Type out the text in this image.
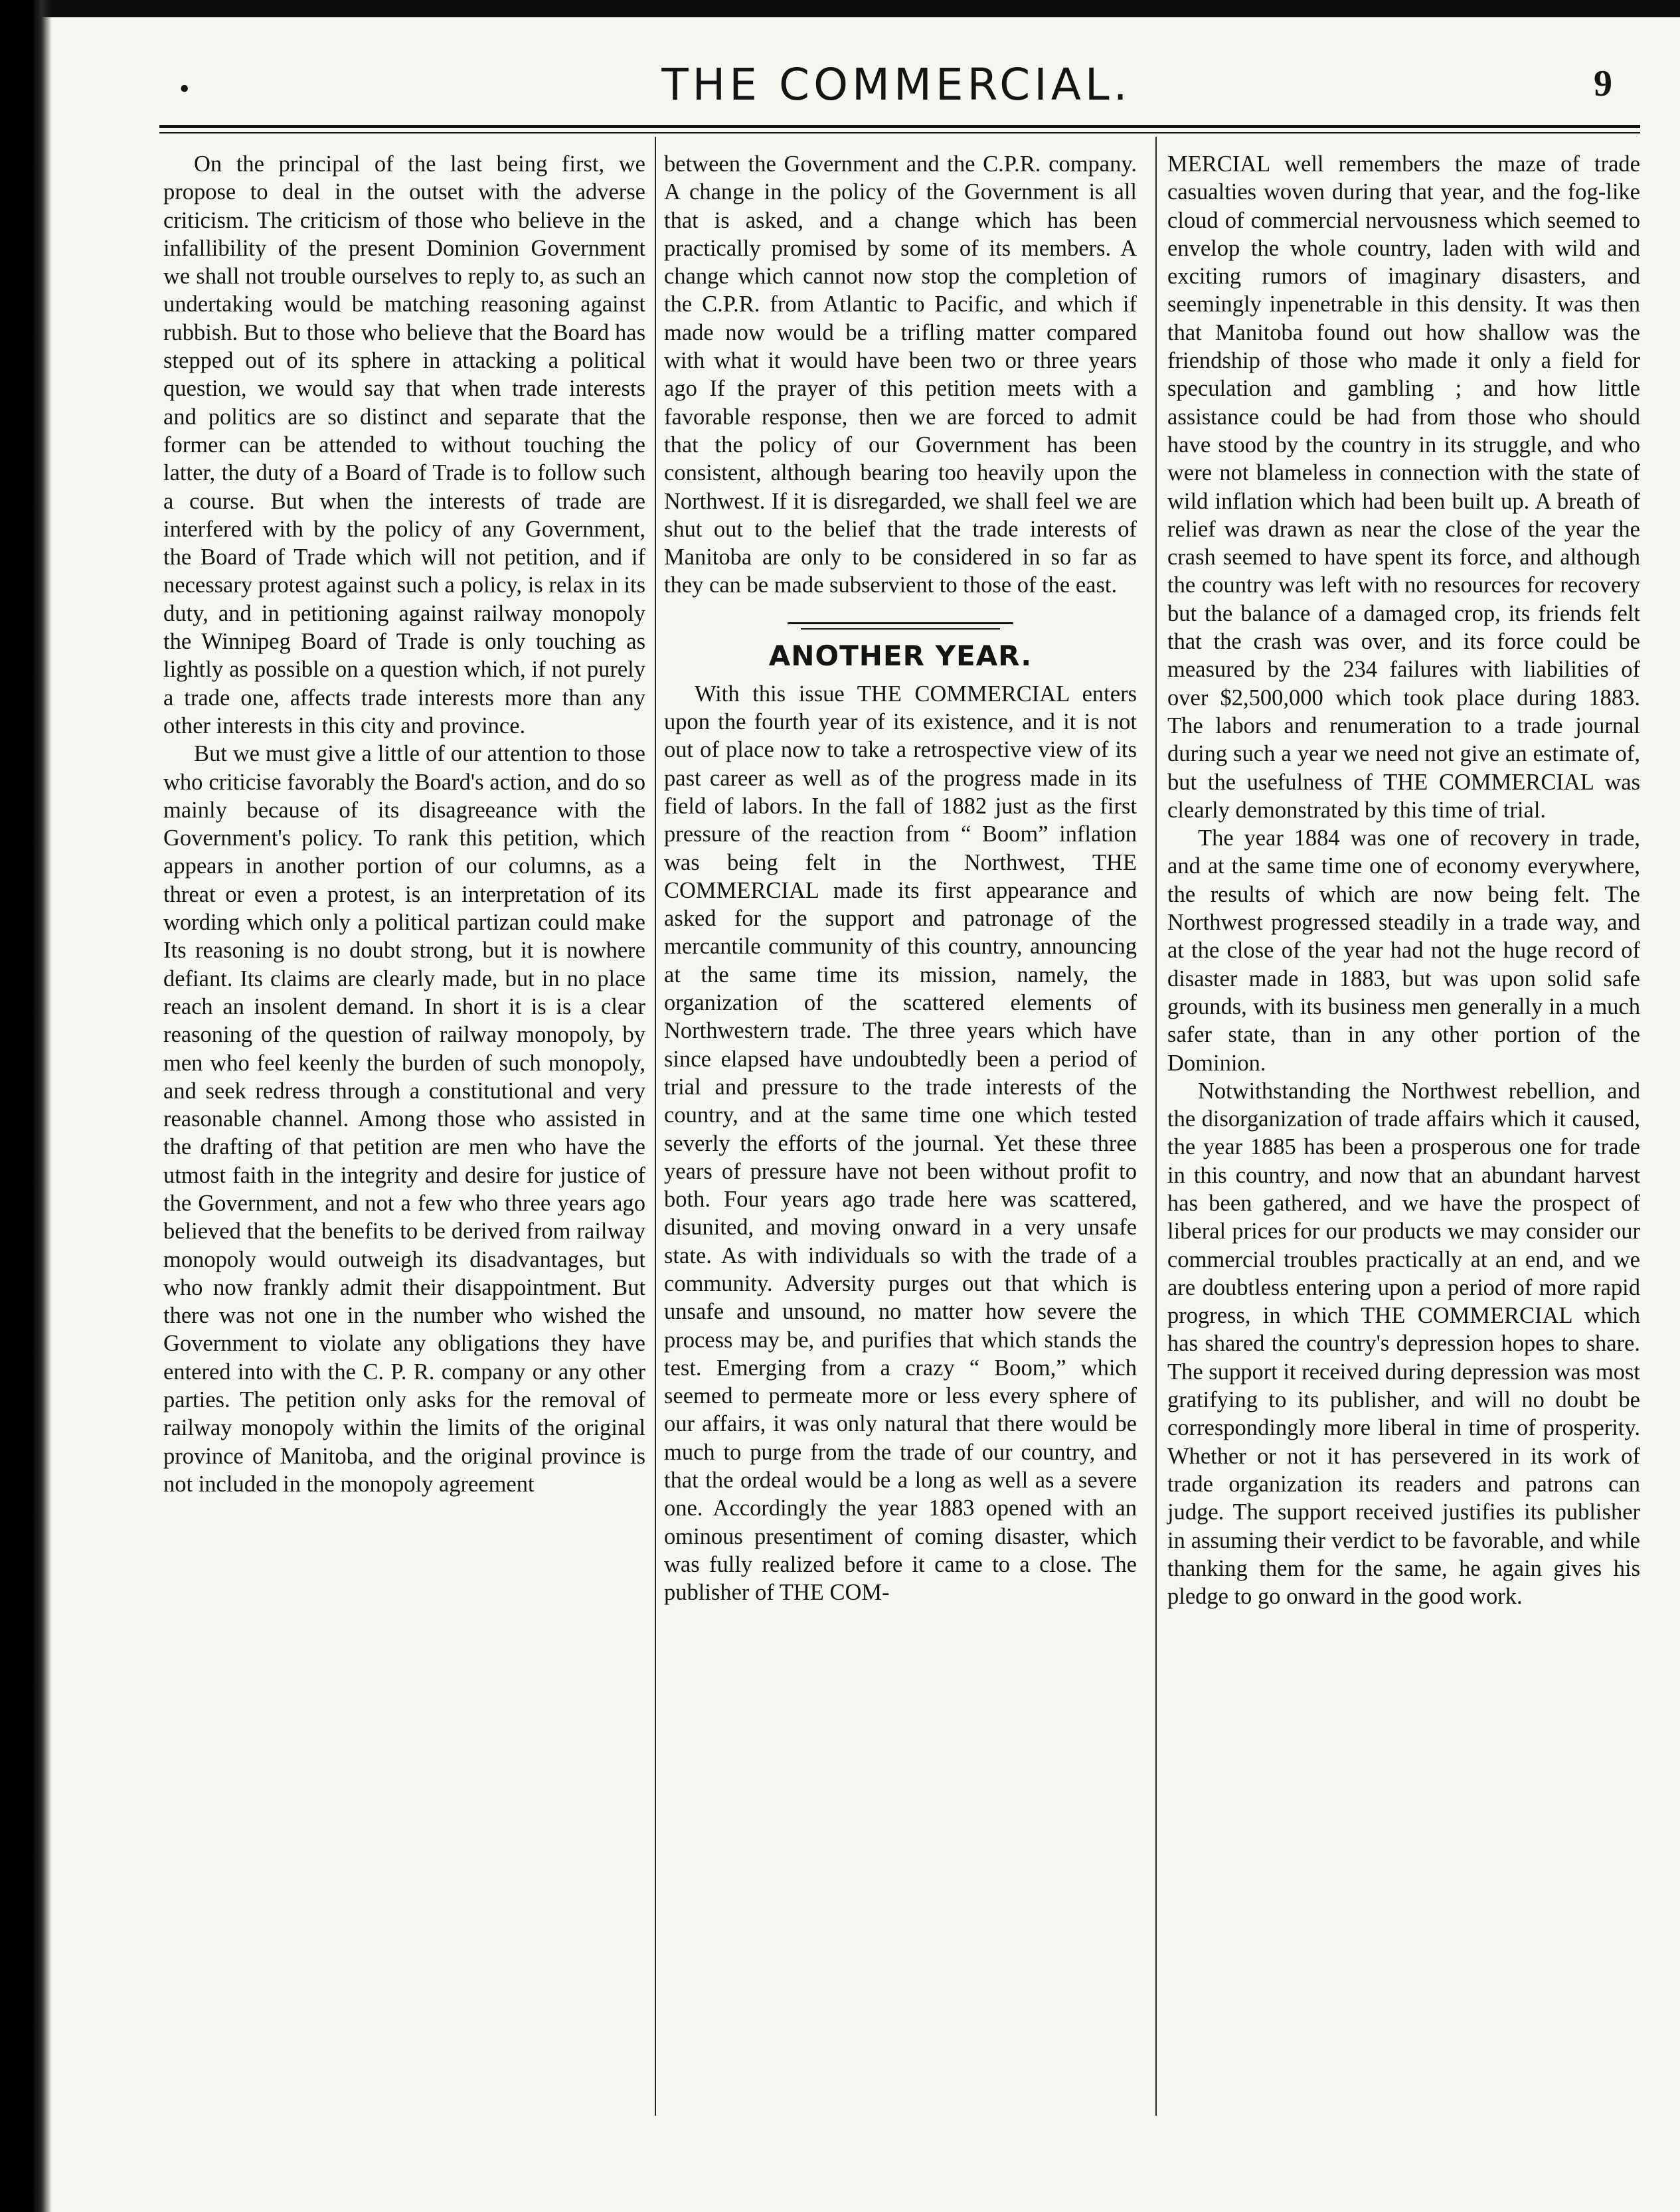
•	THE COMMERCIAL.	9

On the principal of the last being first, we propose to deal in the outset with the adverse criticism. The criticism of those who believe in the infallibility of the present Dominion Government we shall not trouble ourselves to reply to, as such an undertaking would be matching reasoning against rubbish. But to those who believe that the Board has stepped out of its sphere in attacking a political question, we would say that when trade interests and politics are so distinct and separate that the former can be attended to without touching the latter, the duty of a Board of Trade is to follow such a course. But when the interests of trade are interfered with by the policy of any Government, the Board of Trade which will not petition, and if necessary protest against such a policy, is relax in its duty, and in petitioning against railway monopoly the Winnipeg Board of Trade is only touching as lightly as possible on a question which, if not purely a trade one, affects trade interests more than any other interests in this city and province.

But we must give a little of our attention to those who criticise favorably the Board's action, and do so mainly because of its disagreeance with the Government's policy. To rank this petition, which appears in another portion of our columns, as a threat or even a protest, is an interpretation of its wording which only a political partizan could make Its reasoning is no doubt strong, but it is nowhere defiant. Its claims are clearly made, but in no place reach an insolent demand. In short it is is a clear reasoning of the question of railway monopoly, by men who feel keenly the burden of such monopoly, and seek redress through a constitutional and very reasonable channel. Among those who assisted in the drafting of that petition are men who have the utmost faith in the integrity and desire for justice of the Government, and not a few who three years ago believed that the benefits to be derived from railway monopoly would outweigh its disadvantages, but who now frankly admit their disappointment. But there was not one in the number who wished the Government to violate any obligations they have entered into with the C. P. R. company or any other parties. The petition only asks for the removal of railway monopoly within the limits of the original province of Manitoba, and the original province is not included in the monopoly agreement

between the Government and the C.P.R. company. A change in the policy of the Government is all that is asked, and a change which has been practically promised by some of its members. A change which cannot now stop the completion of the C.P.R. from Atlantic to Pacific, and which if made now would be a trifling matter compared with what it would have been two or three years ago If the prayer of this petition meets with a favorable response, then we are forced to admit that the policy of our Government has been consistent, although bearing too heavily upon the Northwest. If it is disregarded, we shall feel we are shut out to the belief that the trade interests of Manitoba are only to be considered in so far as they can be made subservient to those of the east.

ANOTHER YEAR.

With this issue THE COMMERCIAL enters upon the fourth year of its existence, and it is not out of place now to take a retrospective view of its past career as well as of the progress made in its field of labors. In the fall of 1882 just as the first pressure of the reaction from “ Boom” inflation was being felt in the Northwest, THE COMMERCIAL made its first appearance and asked for the support and patronage of the mercantile community of this country, announcing at the same time its mission, namely, the organization of the scattered elements of Northwestern trade. The three years which have since elapsed have undoubtedly been a period of trial and pressure to the trade interests of the country, and at the same time one which tested severly the efforts of the journal. Yet these three years of pressure have not been without profit to both. Four years ago trade here was scattered, disunited, and moving onward in a very unsafe state. As with individuals so with the trade of a community. Adversity purges out that which is unsafe and unsound, no matter how severe the process may be, and purifies that which stands the test. Emerging from a crazy “ Boom,” which seemed to permeate more or less every sphere of our affairs, it was only natural that there would be much to purge from the trade of our country, and that the ordeal would be a long as well as a severe one. Accordingly the year 1883 opened with an ominous presentiment of coming disaster, which was fully realized before it came to a close. The publisher of THE COM-

MERCIAL well remembers the maze of trade casualties woven during that year, and the fog-like cloud of commercial nervousness which seemed to envelop the whole country, laden with wild and exciting rumors of imaginary disasters, and seemingly inpenetrable in this density. It was then that Manitoba found out how shallow was the friendship of those who made it only a field for speculation and gambling ; and how little assistance could be had from those who should have stood by the country in its struggle, and who were not blameless in connection with the state of wild inflation which had been built up. A breath of relief was drawn as near the close of the year the crash seemed to have spent its force, and although the country was left with no resources for recovery but the balance of a damaged crop, its friends felt that the crash was over, and its force could be measured by the 234 failures with liabilities of over $2,500,000 which took place during 1883. The labors and renumeration to a trade journal during such a year we need not give an estimate of, but the usefulness of THE COMMERCIAL was clearly demonstrated by this time of trial.

The year 1884 was one of recovery in trade, and at the same time one of economy everywhere, the results of which are now being felt. The Northwest progressed steadily in a trade way, and at the close of the year had not the huge record of disaster made in 1883, but was upon solid safe grounds, with its business men generally in a much safer state, than in any other portion of the Dominion.

Notwithstanding the Northwest rebellion, and the disorganization of trade affairs which it caused, the year 1885 has been a prosperous one for trade in this country, and now that an abundant harvest has been gathered, and we have the prospect of liberal prices for our products we may consider our commercial troubles practically at an end, and we are doubtless entering upon a period of more rapid progress, in which THE COMMERCIAL which has shared the country's depression hopes to share. The support it received during depression was most gratifying to its publisher, and will no doubt be correspondingly more liberal in time of prosperity. Whether or not it has persevered in its work of trade organization its readers and patrons can judge. The support received justifies its publisher in assuming their verdict to be favorable, and while thanking them for the same, he again gives his pledge to go onward in the good work.
